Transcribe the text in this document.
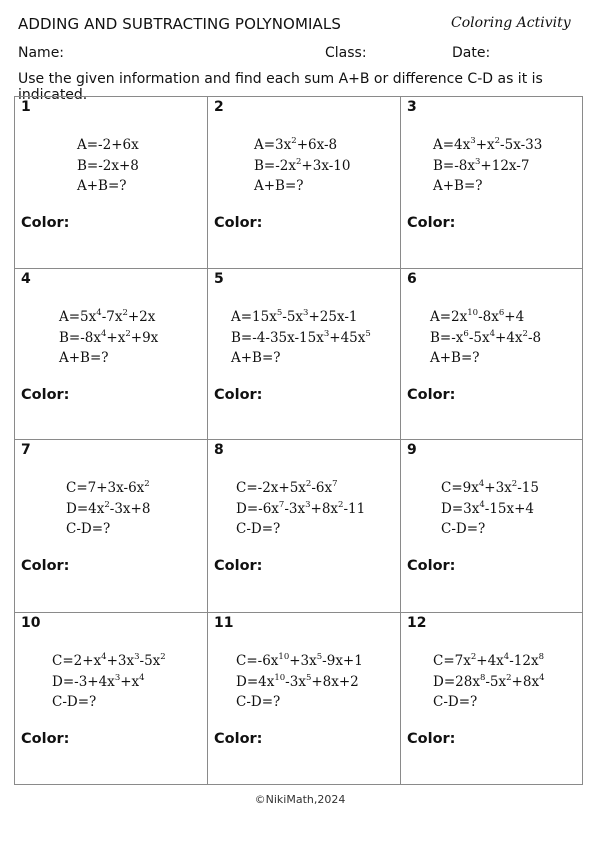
ADDING AND SUBTRACTING POLYNOMIALS	Coloring Activity
Name:	Class:	Date:
Use the given information and find each sum A+B or difference C-D as it is indicated.
1
A=-2+6x
B=-2x+8
A+B=?
Color:
2
$A=3x^2+6x-8$
$B=-2x^2+3x-10$
A+B=?
Color:
3
$A=4x^3+x^2-5x-33$
$B=-8x^3+12x-7$
A+B=?
Color:
4
$A=5x^4-7x^2+2x$
$B=-8x^4+x^2+9x$
A+B=?
Color:
5
$A=15x^5-5x^3+25x-1$
$B=-4-35x-15x^3+45x^5$
A+B=?
Color:
6
$A=2x^{10}-8x^6+4$
$B=-x^6-5x^4+4x^2-8$
A+B=?
Color:
7
$C=7+3x-6x^2$
$D=4x^2-3x+8$
C-D=?
Color:
8
$C=-2x+5x^2-6x^7$
$D=-6x^7-3x^3+8x^2-11$
C-D=?
Color:
9
$C=9x^4+3x^2-15$
$D=3x^4-15x+4$
C-D=?
Color:
10
$C=2+x^4+3x^3-5x^2$
$D=-3+4x^3+x^4$
C-D=?
Color:
11
$C=-6x^{10}+3x^5-9x+1$
$D=4x^{10}-3x^5+8x+2$
C-D=?
Color:
12
$C=7x^2+4x^4-12x^8$
$D=28x^8-5x^2+8x^4$
C-D=?
Color:
©NikiMath,2024
